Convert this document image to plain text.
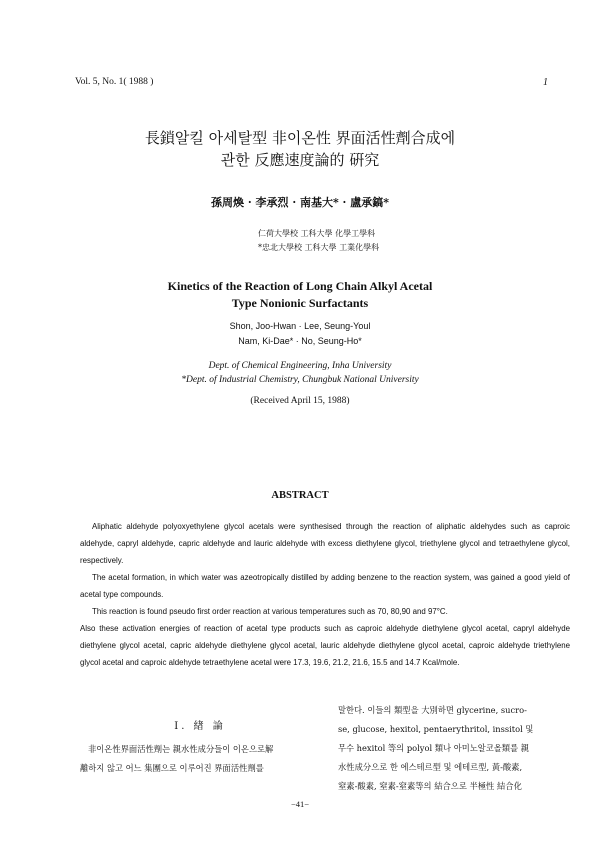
Vol. 5, No. 1( 1988 )	1
長鎖알킬 아세탈型 非이온性 界面活性劑合成에
관한 反應速度論的 硏究
孫周煥 · 李承烈 · 南基大* · 盧承鎬*
仁荷大學校 工科大學 化學工學科
*忠北大學校 工科大學 工業化學科
Kinetics of the Reaction of Long Chain Alkyl Acetal
Type Nonionic Surfactants
Shon, Joo-Hwan · Lee, Seung-Youl
Nam, Ki-Dae* · No, Seung-Ho*
Dept. of Chemical Engineering, Inha University
*Dept. of Industrial Chemistry, Chungbuk National University
(Received April 15, 1988)
ABSTRACT

Aliphatic aldehyde polyoxyethylene glycol acetals were synthesised through the reaction of aliphatic aldehydes such as caproic aldehyde, capryl aldehyde, capric aldehyde and lauric aldehyde with excess diethylene glycol, triethylene glycol and tetraethylene glycol, respectively.

The acetal formation, in which water was azeotropically distilled by adding benzene to the reaction system, was gained a good yield of acetal type compounds.

This reaction is found pseudo first order reaction at various temperatures such as 70, 80,90 and 97°C.

Also these activation energies of reaction of acetal type products such as caproic aldehyde diethylene glycol acetal, capryl aldehyde diethylene glycol acetal, capric aldehyde diethylene glycol acetal, lauric aldehyde diethylene glycol acetal, caproic aldehyde triethylene glycol acetal and caproic aldehyde tetraethylene acetal were 17.3, 19.6, 21.2, 21.6, 15.5 and 14.7 Kcal/mole.

I. 緖 論
非이온性界面活性劑는 親水性成分들이 이온으로解
離하지 않고 어느 集團으로 이루어진 界面活性劑를

말한다. 이들의 類型을 大別하면 glycerine, sucro-

se, glucose, hexitol, pentaerythritol, inssitol 및

무수 hexitol 等의 polyol 類나 아미노알코올類를 親

水性成分으로 한 에스테르型 및 에테르型, 黃-酸素,

窒素-酸素, 窒素-窒素等의 結合으로 半極性 結合化

−41−
